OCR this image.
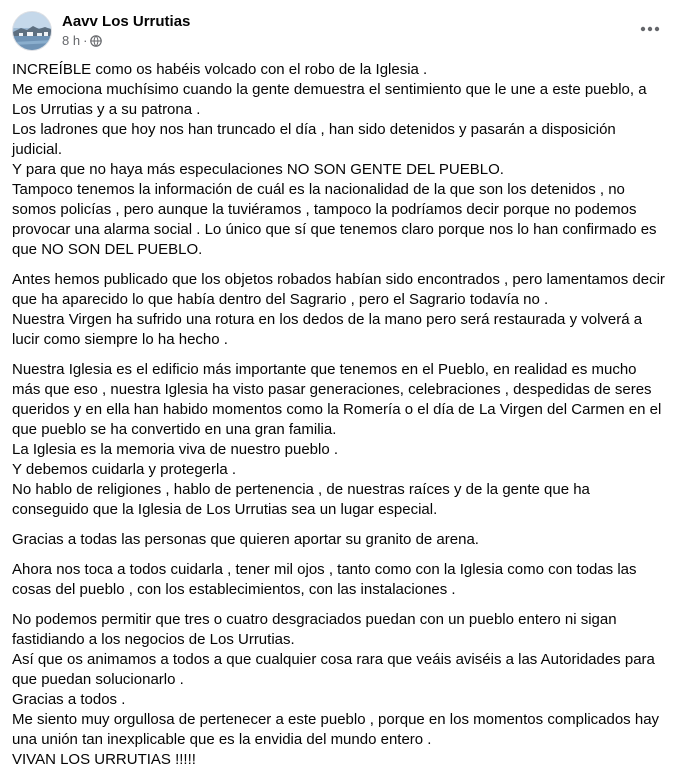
Aavv Los Urrutias
8 h ·
INCREÍBLE como os habéis volcado con el robo de la Iglesia .
Me emociona muchísimo cuando la gente demuestra el sentimiento que le une a este pueblo, a Los Urrutias y a su patrona .
Los ladrones que hoy nos han truncado el día , han sido detenidos y pasarán a disposición judicial.
Y para que no haya más especulaciones NO SON GENTE DEL PUEBLO.
Tampoco tenemos la información de cuál es la nacionalidad de la que son los detenidos , no somos policías , pero aunque la tuviéramos , tampoco la podríamos decir porque no podemos provocar una alarma social . Lo único que sí que tenemos claro porque nos lo han confirmado es que NO SON DEL PUEBLO.
Antes hemos publicado que los objetos robados habían sido encontrados , pero lamentamos decir que ha aparecido lo que había dentro del Sagrario , pero el Sagrario todavía no .
Nuestra Virgen ha sufrido una rotura en los dedos de la mano pero será restaurada y volverá a lucir como siempre lo ha hecho .
Nuestra Iglesia es el edificio más importante que tenemos en el Pueblo, en realidad es mucho más que eso , nuestra Iglesia ha visto pasar generaciones, celebraciones , despedidas de seres queridos y en ella han habido momentos como la Romería o el día de La Virgen del Carmen en el que pueblo se ha convertido en una gran familia.
La Iglesia es la memoria viva de nuestro pueblo .
Y debemos cuidarla y protegerla .
No hablo de religiones , hablo de pertenencia , de nuestras raíces y de la gente que ha conseguido que la Iglesia de Los Urrutias sea un lugar especial.
Gracias a todas las personas que quieren aportar su granito de arena.
Ahora nos toca a todos cuidarla , tener mil ojos , tanto como con la Iglesia como con todas las cosas del pueblo , con los establecimientos, con las instalaciones .
No podemos permitir que tres o cuatro desgraciados puedan con un pueblo entero ni sigan fastidiando a los negocios de Los Urrutias.
Así que os animamos a todos a que cualquier cosa rara que veáis aviséis a las Autoridades para que puedan solucionarlo .
Gracias a todos .
Me siento muy orgullosa de pertenecer a este pueblo , porque en los momentos complicados hay una unión tan inexplicable que es la envidia del mundo entero .
VIVAN LOS URRUTIAS !!!!!
